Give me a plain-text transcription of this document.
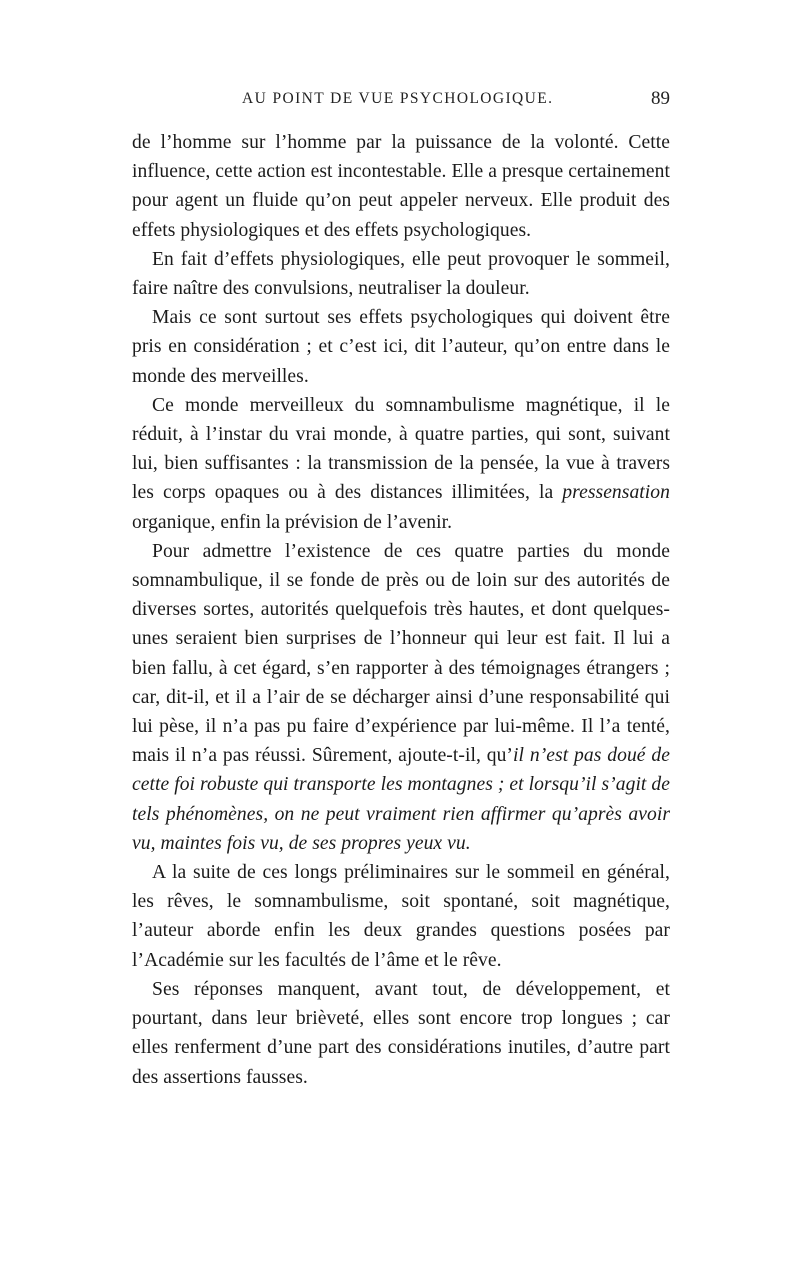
AU POINT DE VUE PSYCHOLOGIQUE.	89

de l’homme sur l’homme par la puissance de la volonté. Cette influence, cette action est incontestable. Elle a presque certainement pour agent un fluide qu’on peut appeler nerveux. Elle produit des effets physiologiques et des effets psychologiques.

En fait d’effets physiologiques, elle peut provoquer le sommeil, faire naître des convulsions, neutraliser la douleur.

Mais ce sont surtout ses effets psychologiques qui doivent être pris en considération ; et c’est ici, dit l’auteur, qu’on entre dans le monde des merveilles.

Ce monde merveilleux du somnambulisme magnétique, il le réduit, à l’instar du vrai monde, à quatre parties, qui sont, suivant lui, bien suffisantes : la transmission de la pensée, la vue à travers les corps opaques ou à des distances illimitées, la pressensation organique, enfin la prévision de l’avenir.

Pour admettre l’existence de ces quatre parties du monde somnambulique, il se fonde de près ou de loin sur des autorités de diverses sortes, autorités quelquefois très hautes, et dont quelques-unes seraient bien surprises de l’honneur qui leur est fait. Il lui a bien fallu, à cet égard, s’en rapporter à des témoignages étrangers ; car, dit-il, et il a l’air de se décharger ainsi d’une responsabilité qui lui pèse, il n’a pas pu faire d’expérience par lui-même. Il l’a tenté, mais il n’a pas réussi. Sûrement, ajoute-t-il, qu’il n’est pas doué de cette foi robuste qui transporte les montagnes ; et lorsqu’il s’agit de tels phénomènes, on ne peut vraiment rien affirmer qu’après avoir vu, maintes fois vu, de ses propres yeux vu.

A la suite de ces longs préliminaires sur le sommeil en général, les rêves, le somnambulisme, soit spontané, soit magnétique, l’auteur aborde enfin les deux grandes questions posées par l’Académie sur les facultés de l’âme et le rêve.

Ses réponses manquent, avant tout, de développement, et pourtant, dans leur brièveté, elles sont encore trop longues ; car elles renferment d’une part des considérations inutiles, d’autre part des assertions fausses.
